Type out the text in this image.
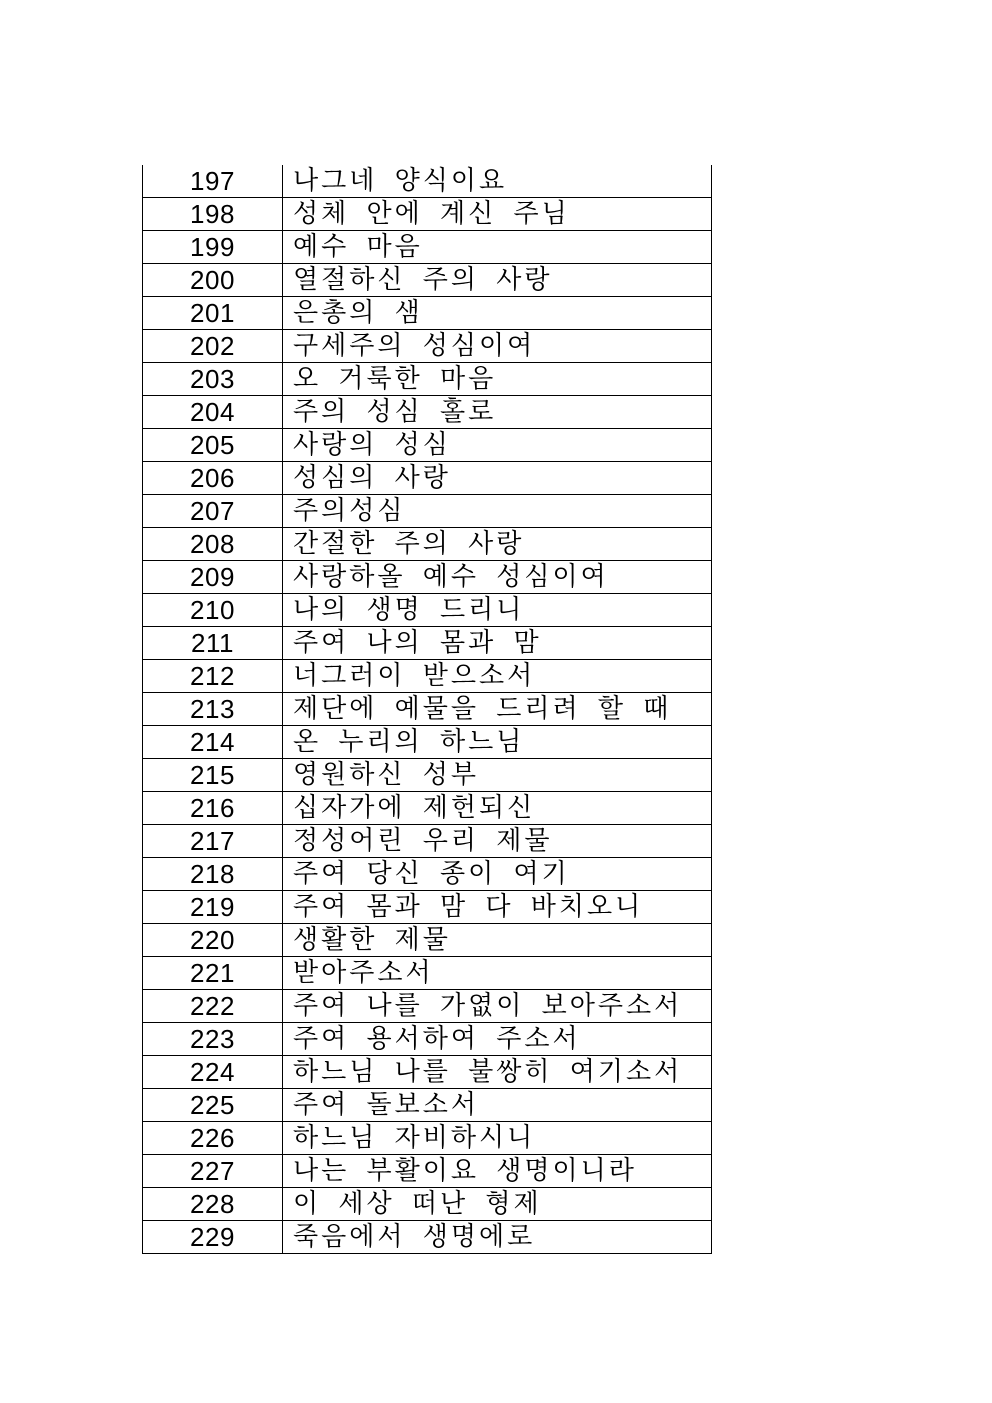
197	나그네 양식이요
198	성체 안에 계신 주님
199	예수 마음
200	열절하신 주의 사랑
201	은총의 샘
202	구세주의 성심이여
203	오 거룩한 마음
204	주의 성심 홀로
205	사랑의 성심
206	성심의 사랑
207	주의성심
208	간절한 주의 사랑
209	사랑하올 예수 성심이여
210	나의 생명 드리니
211	주여 나의 몸과 맘
212	너그러이 받으소서
213	제단에 예물을 드리려 할 때
214	온 누리의 하느님
215	영원하신 성부
216	십자가에 제헌되신
217	정성어린 우리 제물
218	주여 당신 종이 여기
219	주여 몸과 맘 다 바치오니
220	생활한 제물
221	받아주소서
222	주여 나를 가엾이 보아주소서
223	주여 용서하여 주소서
224	하느님 나를 불쌍히 여기소서
225	주여 돌보소서
226	하느님 자비하시니
227	나는 부활이요 생명이니라
228	이 세상 떠난 형제
229	죽음에서 생명에로
